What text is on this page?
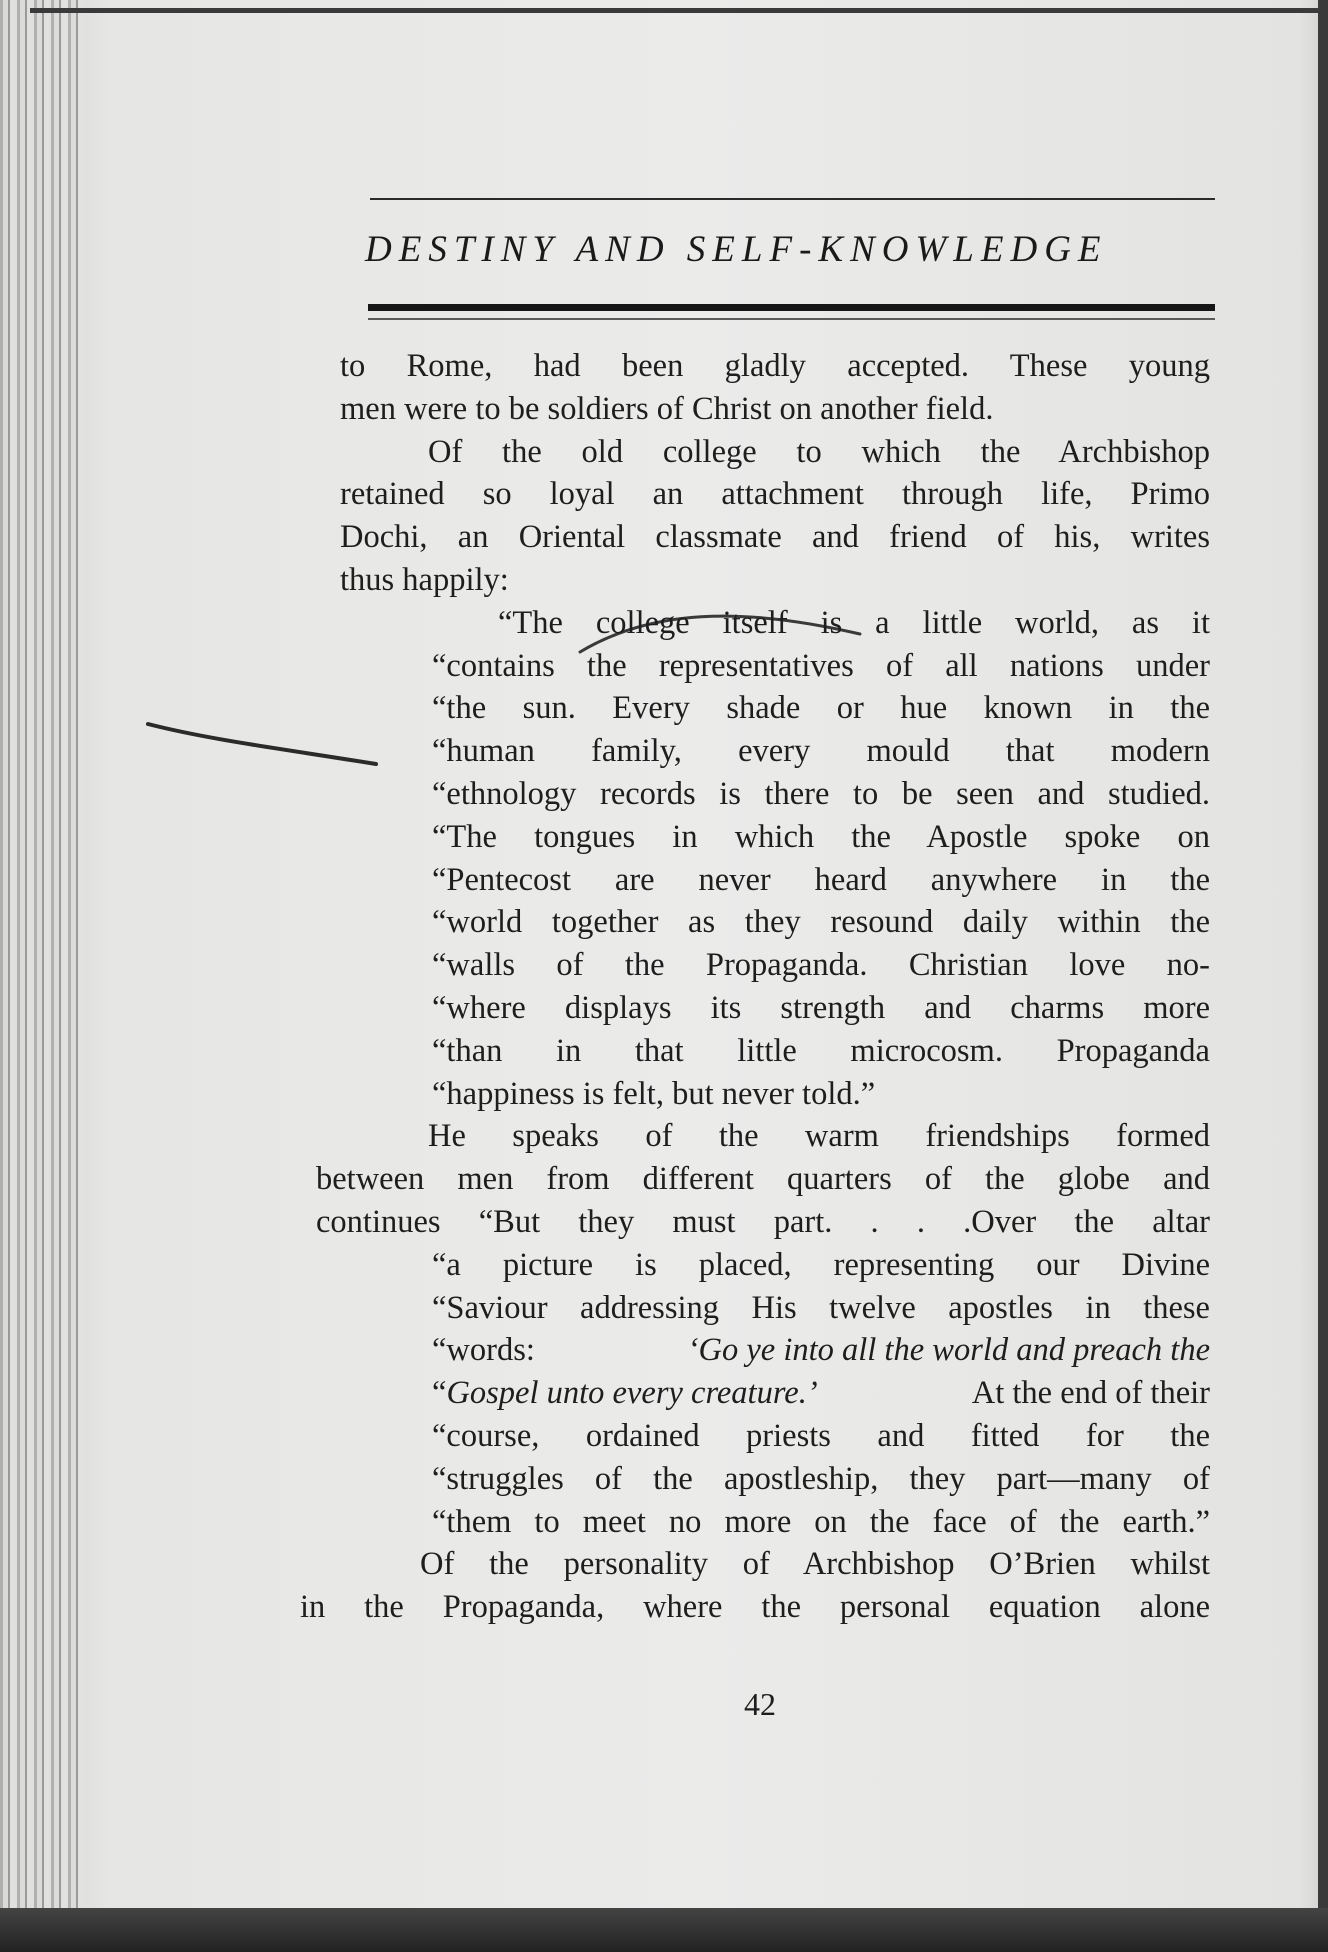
DESTINY AND SELF-KNOWLEDGE
to Rome, had been gladly accepted. These young
men were to be soldiers of Christ on another field.
Of the old college to which the Archbishop
retained so loyal an attachment through life, Primo
Dochi, an Oriental classmate and friend of his, writes
thus happily:
“The college itself is a little world, as it
“contains the representatives of all nations under
“the sun. Every shade or hue known in the
“human family, every mould that modern
“ethnology records is there to be seen and studied.
“The tongues in which the Apostle spoke on
“Pentecost are never heard anywhere in the
“world together as they resound daily within the
“walls of the Propaganda. Christian love no-
“where displays its strength and charms more
“than in that little microcosm. Propaganda
“happiness is felt, but never told.”
He speaks of the warm friendships formed
between men from different quarters of the globe and
continues “But they must part. . . .Over the altar
“a picture is placed, representing our Divine
“Saviour addressing His twelve apostles in these
“words:	‘Go ye into all the world and preach the
“Gospel unto every creature.’	At the end of their
“course, ordained priests and fitted for the
“struggles of the apostleship, they part—many of
“them to meet no more on the face of the earth.”
Of the personality of Archbishop O’Brien whilst
in the Propaganda, where the personal equation alone
42
